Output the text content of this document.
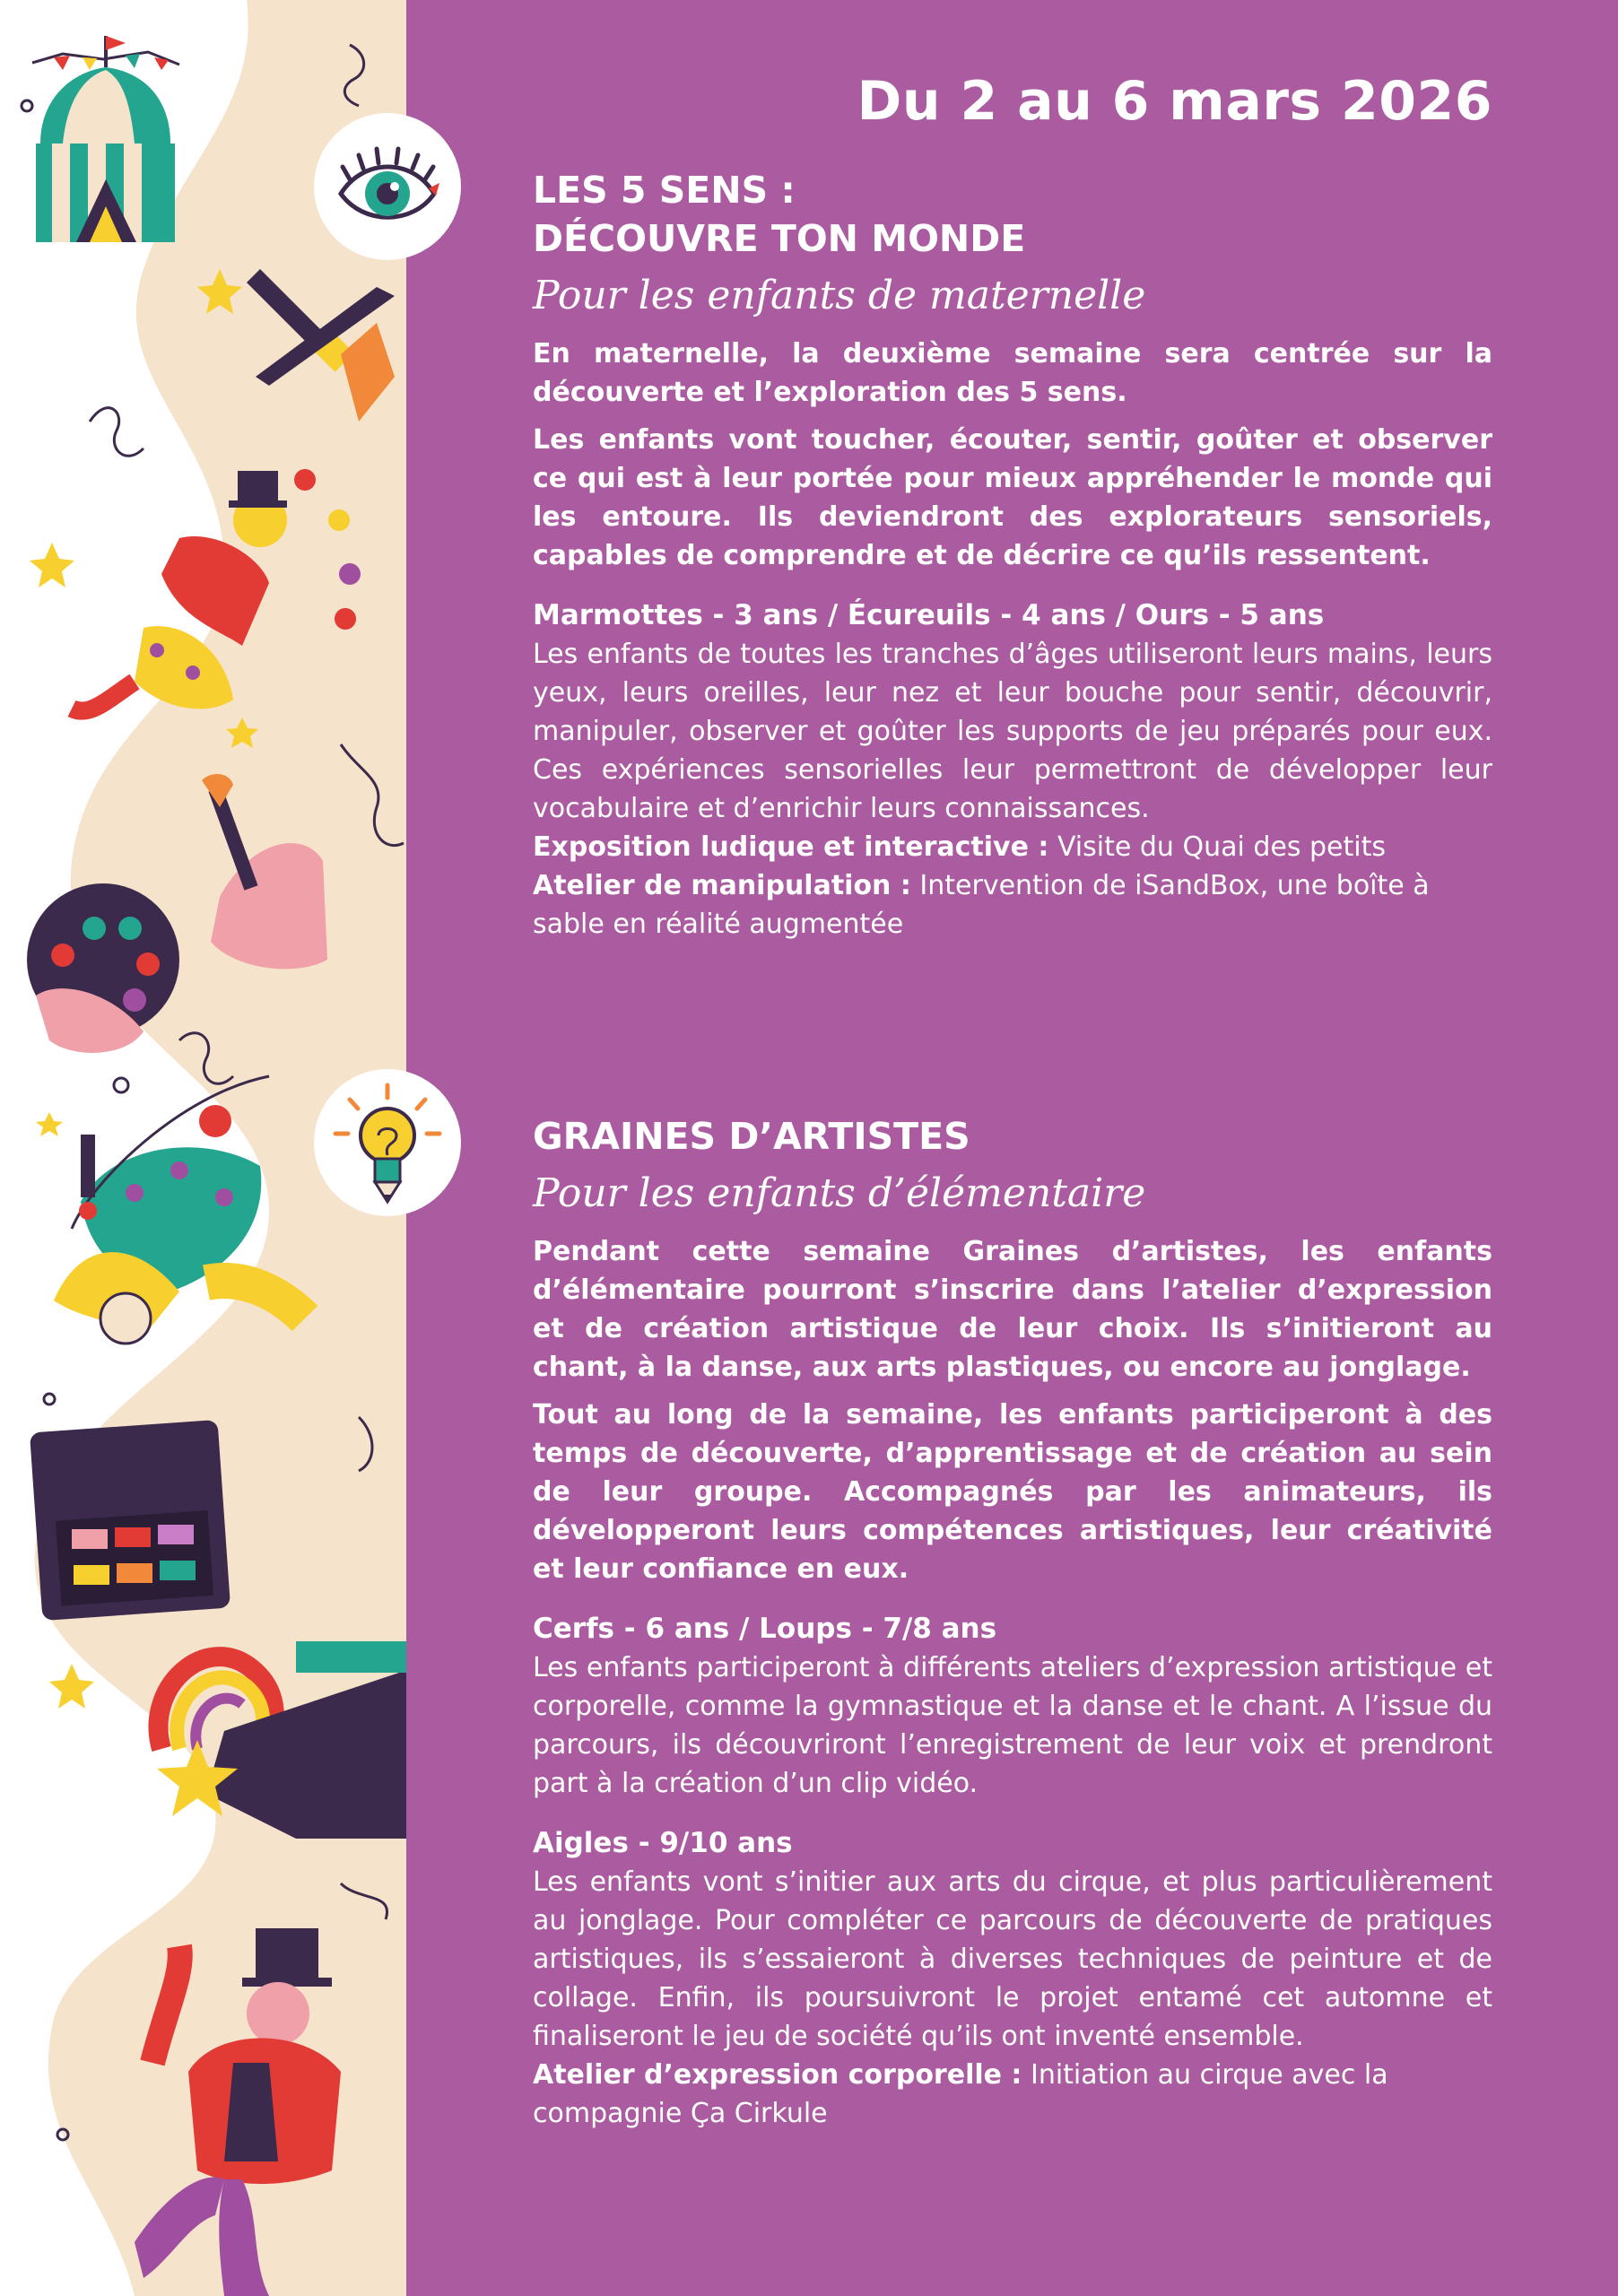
Du 2 au 6 mars 2026
LES 5 SENS :
DÉCOUVRE TON MONDE
Pour les enfants de maternelle

En maternelle, la deuxième semaine sera centrée sur la découverte et l’exploration des 5 sens.

Les enfants vont toucher, écouter, sentir, goûter et observer ce qui est à leur portée pour mieux appréhender le monde qui les entoure. Ils deviendront des explorateurs sensoriels, capables de comprendre et de décrire ce qu’ils ressentent.

Marmottes - 3 ans / Écureuils - 4 ans / Ours - 5 ans

Les enfants de toutes les tranches d’âges utiliseront leurs mains, leurs yeux, leurs oreilles, leur nez et leur bouche pour sentir, découvrir, manipuler, observer et goûter les supports de jeu préparés pour eux. Ces expériences sensorielles leur permettront de développer leur vocabulaire et d’enrichir leurs connaissances.

Exposition ludique et interactive : Visite du Quai des petits

Atelier de manipulation : Intervention de iSandBox, une boîte à sable en réalité augmentée

GRAINES D’ARTISTES
Pour les enfants d’élémentaire

Pendant cette semaine Graines d’artistes, les enfants d’élémentaire pourront s’inscrire dans l’atelier d’expression et de création artistique de leur choix. Ils s’initieront au chant, à la danse, aux arts plastiques, ou encore au jonglage.

Tout au long de la semaine, les enfants participeront à des temps de découverte, d’apprentissage et de création au sein de leur groupe. Accompagnés par les animateurs, ils développeront leurs compétences artistiques, leur créativité et leur confiance en eux.

Cerfs - 6 ans / Loups - 7/8 ans

Les enfants participeront à différents ateliers d’expression artistique et corporelle, comme la gymnastique et la danse et le chant. A l’issue du parcours, ils découvriront l’enregistrement de leur voix et prendront part à la création d’un clip vidéo.

Aigles - 9/10 ans

Les enfants vont s’initier aux arts du cirque, et plus particulièrement au jonglage. Pour compléter ce parcours de découverte de pratiques artistiques, ils s’essaieront à diverses techniques de peinture et de collage. Enfin, ils poursuivront le projet entamé cet automne et finaliseront le jeu de société qu’ils ont inventé ensemble.

Atelier d’expression corporelle : Initiation au cirque avec la compagnie Ça Cirkule
